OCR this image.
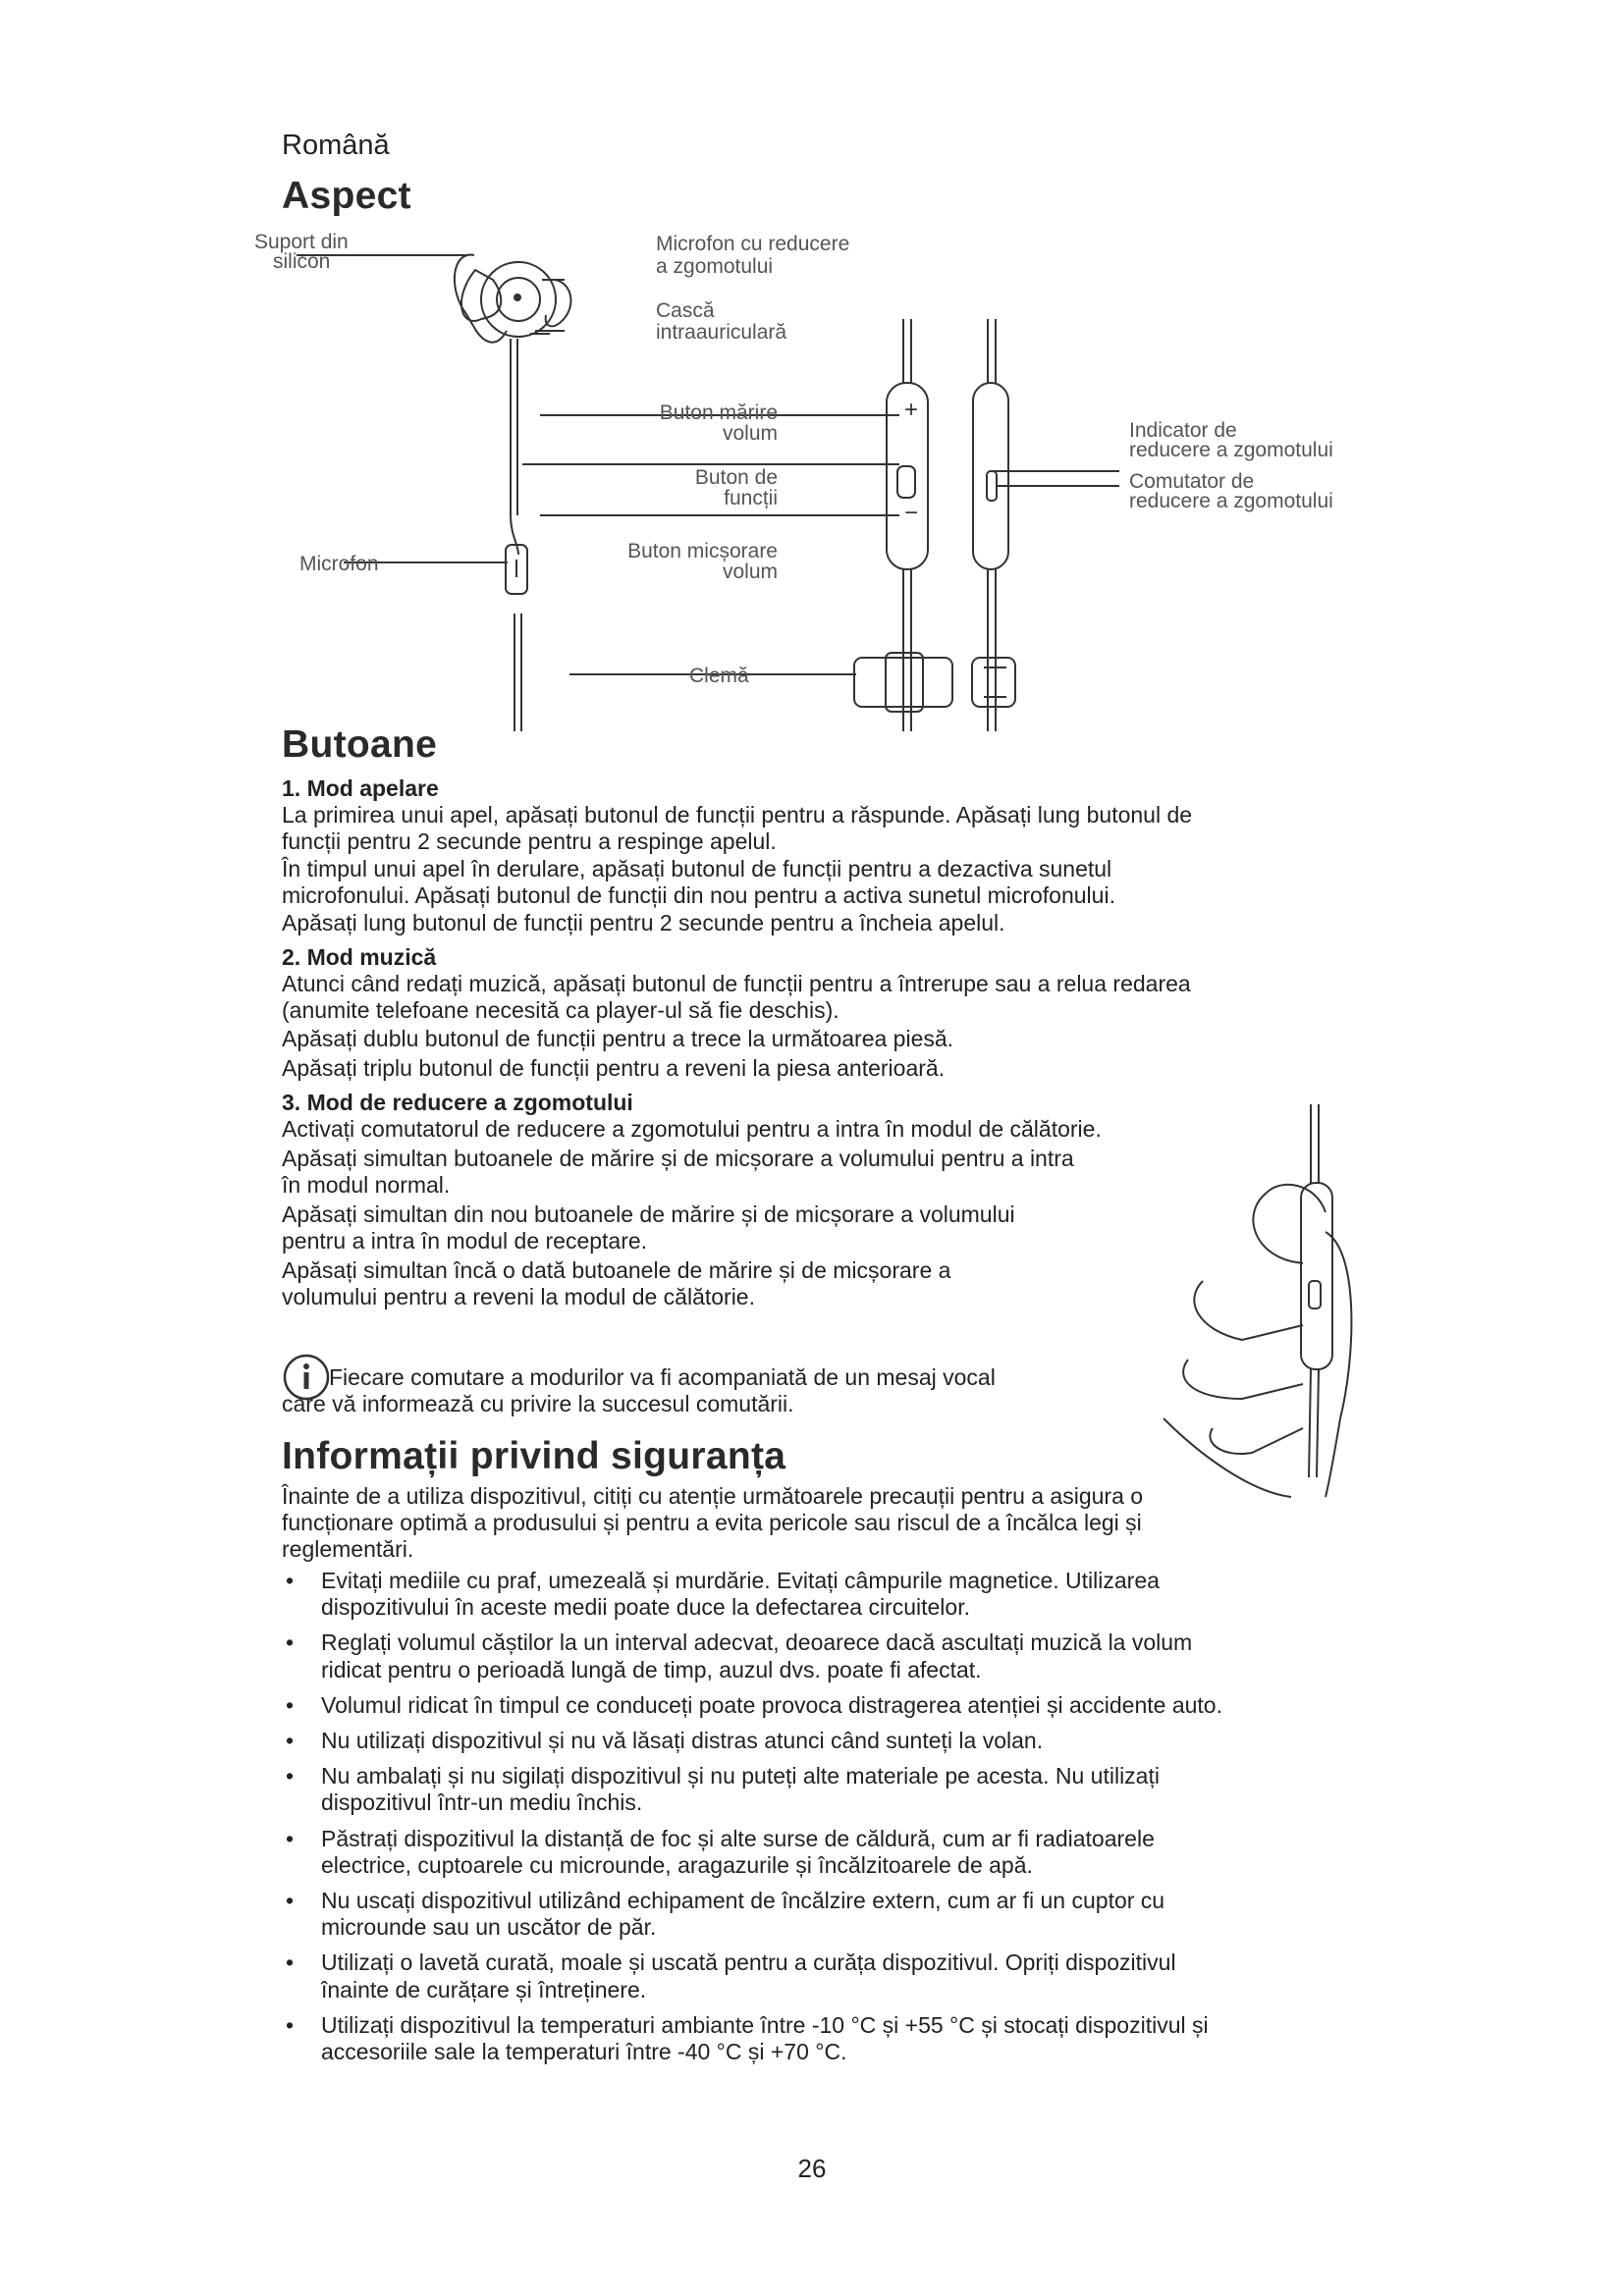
Română
Aspect
Suport din silicon
Microfon cu reducere a zgomotului
Cască intraauriculară
Buton mărire volum
Buton de funcții
Buton micșorare volum
Microfon
Clemă
Indicator de reducere a zgomotului
Comutator de reducere a zgomotului
+
−
Butoane
1. Mod apelare
La primirea unui apel, apăsați butonul de funcții pentru a răspunde. Apăsați lung butonul de
funcții pentru 2 secunde pentru a respinge apelul.
În timpul unui apel în derulare, apăsați butonul de funcții pentru a dezactiva sunetul
microfonului. Apăsați butonul de funcții din nou pentru a activa sunetul microfonului.
Apăsați lung butonul de funcții pentru 2 secunde pentru a încheia apelul.
2. Mod muzică
Atunci când redați muzică, apăsați butonul de funcții pentru a întrerupe sau a relua redarea
(anumite telefoane necesită ca player-ul să fie deschis).
Apăsați dublu butonul de funcții pentru a trece la următoarea piesă.
Apăsați triplu butonul de funcții pentru a reveni la piesa anterioară.
3. Mod de reducere a zgomotului
Activați comutatorul de reducere a zgomotului pentru a intra în modul de călătorie.
Apăsați simultan butoanele de mărire și de micșorare a volumului pentru a intra
în modul normal.
Apăsați simultan din nou butoanele de mărire și de micșorare a volumului
pentru a intra în modul de receptare.
Apăsați simultan încă o dată butoanele de mărire și de micșorare a
volumului pentru a reveni la modul de călătorie.
Fiecare comutare a modurilor va fi acompaniată de un mesaj vocal
care vă informează cu privire la succesul comutării.
Informații privind siguranța
Înainte de a utiliza dispozitivul, citiți cu atenție următoarele precauții pentru a asigura o
funcționare optimă a produsului și pentru a evita pericole sau riscul de a încălca legi și
reglementări.
• Evitați mediile cu praf, umezeală și murdărie. Evitați câmpurile magnetice. Utilizarea
dispozitivului în aceste medii poate duce la defectarea circuitelor.
• Reglați volumul căștilor la un interval adecvat, deoarece dacă ascultați muzică la volum
ridicat pentru o perioadă lungă de timp, auzul dvs. poate fi afectat.
• Volumul ridicat în timpul ce conduceți poate provoca distragerea atenției și accidente auto.
• Nu utilizați dispozitivul și nu vă lăsați distras atunci când sunteți la volan.
• Nu ambalați și nu sigilați dispozitivul și nu puteți alte materiale pe acesta. Nu utilizați
dispozitivul într-un mediu închis.
• Păstrați dispozitivul la distanță de foc și alte surse de căldură, cum ar fi radiatoarele
electrice, cuptoarele cu microunde, aragazurile și încălzitoarele de apă.
• Nu uscați dispozitivul utilizând echipament de încălzire extern, cum ar fi un cuptor cu
microunde sau un uscător de păr.
• Utilizați o lavetă curată, moale și uscată pentru a curăța dispozitivul. Opriți dispozitivul
înainte de curățare și întreținere.
• Utilizați dispozitivul la temperaturi ambiante între -10 °C și +55 °C și stocați dispozitivul și
accesoriile sale la temperaturi între -40 °C și +70 °C.
26
